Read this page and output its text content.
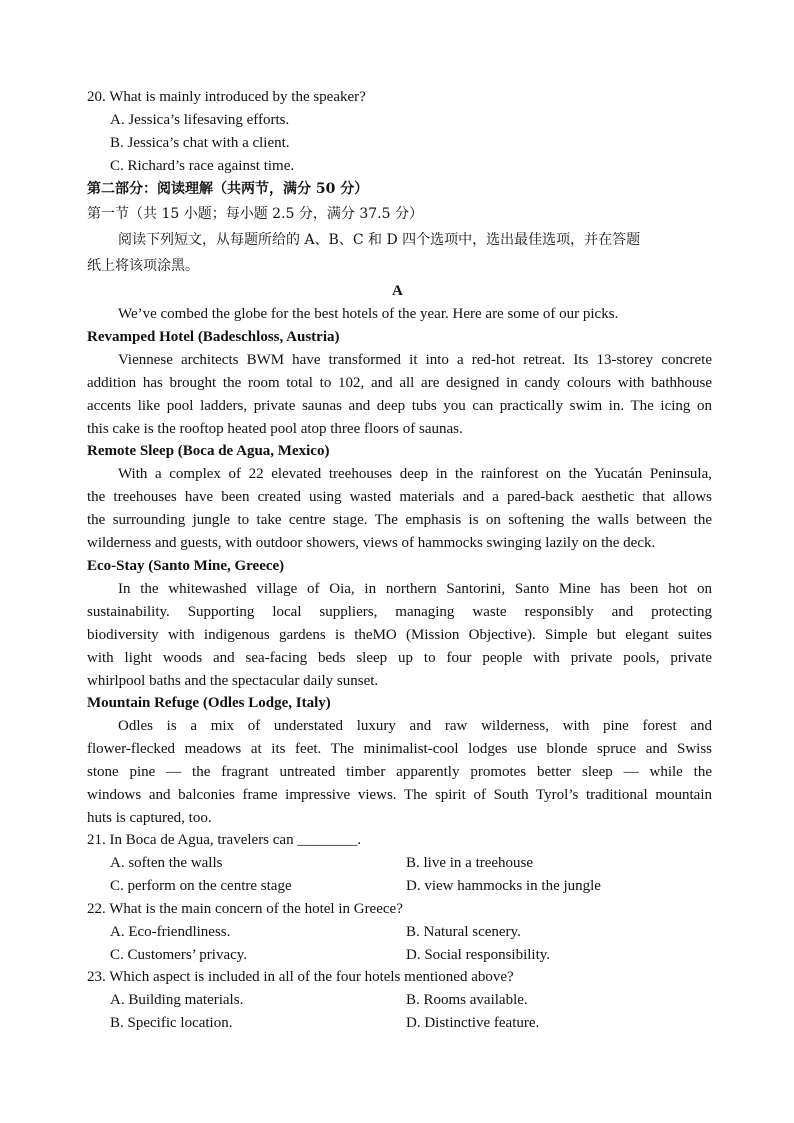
20. What is mainly introduced by the speaker?
A. Jessica’s lifesaving efforts.
B. Jessica’s chat with a client.
C. Richard’s race against time.
第二部分：阅读理解（共两节，满分 50 分）
第一节（共 15 小题；每小题 2.5 分，满分 37.5 分）
阅读下列短文，从每题所给的 A、B、C 和 D 四个选项中，选出最佳选项，并在答题
纸上将该项涂黑。
A
We’ve combed the globe for the best hotels of the year. Here are some of our picks.
Revamped Hotel (Badeschloss, Austria)
Viennese architects BWM have transformed it into a red-hot retreat. Its 13-storey concrete
addition has brought the room total to 102, and all are designed in candy colours with bathhouse
accents like pool ladders, private saunas and deep tubs you can practically swim in. The icing on
this cake is the rooftop heated pool atop three floors of saunas.
Remote Sleep (Boca de Agua, Mexico)
With a complex of 22 elevated treehouses deep in the rainforest on the Yucatán Peninsula,
the treehouses have been created using wasted materials and a pared-back aesthetic that allows
the surrounding jungle to take centre stage. The emphasis is on softening the walls between the
wilderness and guests, with outdoor showers, views of hammocks swinging lazily on the deck.
Eco-Stay (Santo Mine, Greece)
In the whitewashed village of Oia, in northern Santorini, Santo Mine has been hot on
sustainability. Supporting local suppliers, managing waste responsibly and protecting
biodiversity with indigenous gardens is theMO (Mission Objective). Simple but elegant suites
with light woods and sea-facing beds sleep up to four people with private pools, private
whirlpool baths and the spectacular daily sunset.
Mountain Refuge (Odles Lodge, Italy)
Odles is a mix of understated luxury and raw wilderness, with pine forest and
flower-flecked meadows at its feet. The minimalist-cool lodges use blonde spruce and Swiss
stone pine — the fragrant untreated timber apparently promotes better sleep — while the
windows and balconies frame impressive views. The spirit of South Tyrol’s traditional mountain
huts is captured, too.
21. In Boca de Agua, travelers can ________.
A. soften the walls	B. live in a treehouse
C. perform on the centre stage	D. view hammocks in the jungle
22. What is the main concern of the hotel in Greece?
A. Eco-friendliness.	B. Natural scenery.
C. Customers’ privacy.	D. Social responsibility.
23. Which aspect is included in all of the four hotels mentioned above?
A. Building materials.	B. Rooms available.
B. Specific location.	D. Distinctive feature.
